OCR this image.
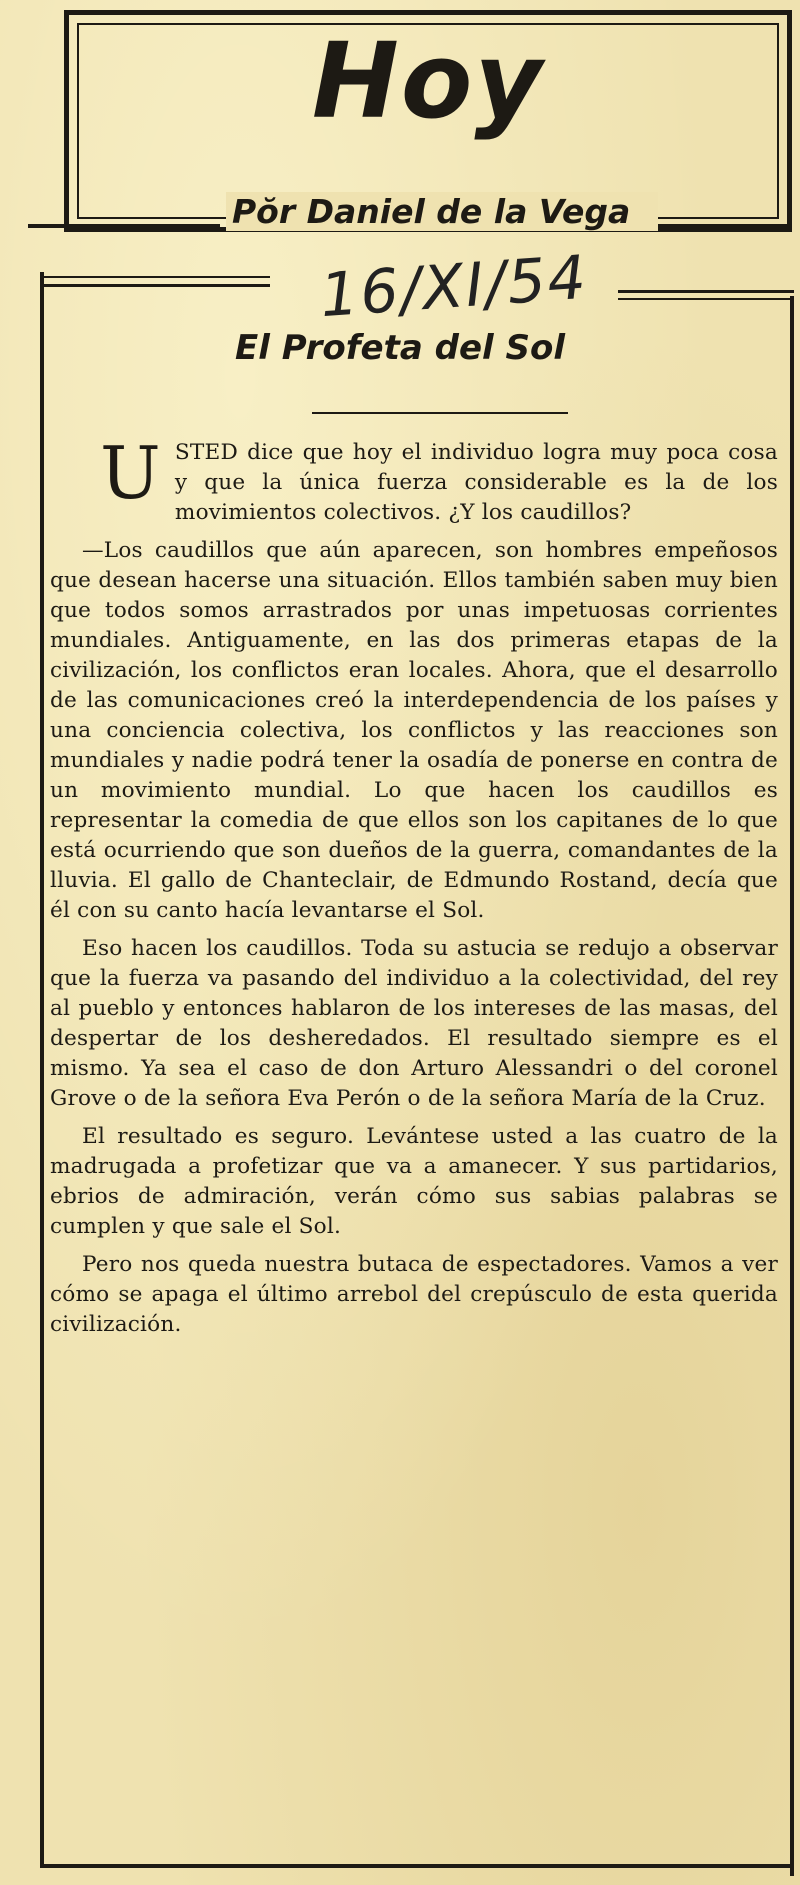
Hoy
Pŏr Daniel de la Vega
16/XI/54
El Profeta del Sol

USTED dice que hoy el individuo logra muy poca cosa y que la única fuerza considerable es la de los movimientos colectivos. ¿Y los caudillos?

—Los caudillos que aún aparecen, son hombres empeñosos que desean hacerse una situación. Ellos también saben muy bien que todos somos arrastrados por unas impetuosas corrientes mundiales. Antiguamente, en las dos primeras etapas de la civilización, los conflictos eran locales. Ahora, que el desarrollo de las comunicaciones creó la interdependencia de los países y una conciencia colectiva, los conflictos y las reacciones son mundiales y nadie podrá tener la osadía de ponerse en contra de un movimiento mundial. Lo que hacen los caudillos es representar la comedia de que ellos son los capitanes de lo que está ocurriendo que son dueños de la guerra, comandantes de la lluvia. El gallo de Chanteclair, de Edmundo Rostand, decía que él con su canto hacía levantarse el Sol.

Eso hacen los caudillos. Toda su astucia se redujo a observar que la fuerza va pasando del individuo a la colectividad, del rey al pueblo y entonces hablaron de los intereses de las masas, del despertar de los desheredados. El resultado siempre es el mismo. Ya sea el caso de don Arturo Alessandri o del coronel Grove o de la señora Eva Perón o de la señora María de la Cruz.

El resultado es seguro. Levántese usted a las cuatro de la madrugada a profetizar que va a amanecer. Y sus partidarios, ebrios de admiración, verán cómo sus sabias palabras se cumplen y que sale el Sol.

Pero nos queda nuestra butaca de espectadores. Vamos a ver cómo se apaga el último arrebol del crepúsculo de esta querida civilización.
